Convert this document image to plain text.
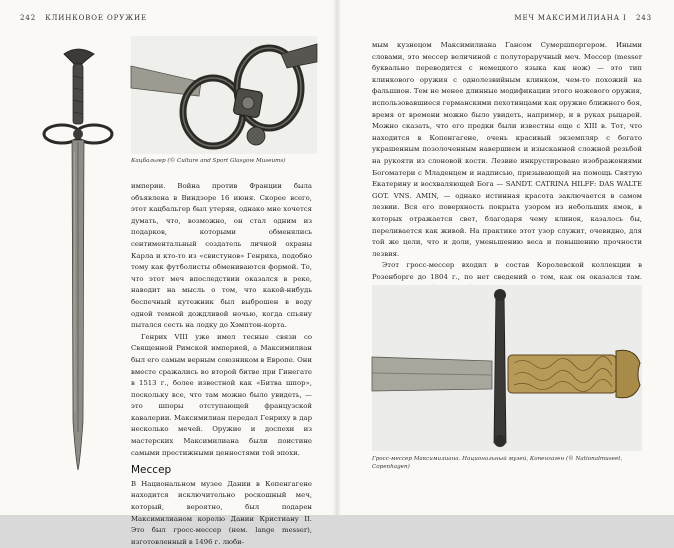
242 КЛИНКОВОЕ ОРУЖИЕ
Кацбальгер (© Culture and Sport Glasgow Museums)

империи. Война против Франции была объявлена в Виндзоре 16 июня. Скорее всего, этот кацбальгер был утерян, однако мне хочется думать, что, возможно, он стал одним из подарков, которыми обменялись сентиментальный создатель личной охраны Карла и кто-то из «свистунов» Генриха, подобно тому как футболисты обмениваются формой. То, что этот меч впоследствии оказался в реке, наводит на мысль о том, что какой-нибудь беспечный кутежник был выброшен в воду одной темной дождливой ночью, когда спьяну пытался сесть на лодку до Хэмптон-корта.

Генрих VIII уже имел тесные связи со Священной Римской империей, а Максимилиан был его самым верным союзником в Европе. Они вместе сражались во второй битве при Гинегате в 1513 г., более известной как «Битва шпор», поскольку все, что там можно было увидеть, — это шпоры отступающей французской кавалерии. Максимилиан передал Генриху в дар несколько мечей. Оружие и доспехи из мастерских Максимилиана были поистине самыми престижными ценностями той эпохи.

Мессер

В Национальном музее Дании в Копенгагене находится исключительно роскошный меч, который, вероятно, был подарен Максимилианом королю Дании Кристиану II. Это был гросс-мессер (нем. lange messer), изготовленный в 1496 г. люби-

МЕЧ МАКСИМИЛИАНА I 243

мым кузнецом Максимилиана Гансом Сумершпергером. Иными словами, это мессер величиной с полутораручный меч. Мессер (messer буквально переводится с немецкого языка как нож) — это тип клинкового оружия с однолезвийным клинком, чем-то похожий на фальшион. Тем не менее длинные модификации этого ножевого оружия, использовавшиеся германскими пехотинцами как оружие ближнего боя, время от времени можно было увидеть, например, и в руках рыцарей. Можно сказать, что его предки были известны еще с XIII в. Тот, что находится в Копенгагене, очень красивый экземпляр с богато украшенным позолоченным навершием и изысканной сложной резьбой на рукояти из слоновой кости. Лезвие инкрустировано изображениями Богоматери с Младенцем и надписью, призывающей на помощь Святую Екатерину и восхваляющей Бога — SANDT. CATRINA HILFF: DAS WALTE GOT. VNS. AMIN, — однако истинная красота заключается в самом лезвии. Вся его поверхность покрыта узором из небольших ямок, в которых отражается свет, благодаря чему клинок, казалось бы, переливается как живой. На практике этот узор служит, очевидно, для той же цели, что и доли, уменьшению веса и повышению прочности лезвия.

Этот гросс-мессер входил в состав Королевской коллекции в Розенборге до 1804 г., по нет сведений о том, как он оказался там.

Гросс-мессер Максимилиана. Национальный музей, Копенгаген (© Nationalmuseet, Copenhagen)
